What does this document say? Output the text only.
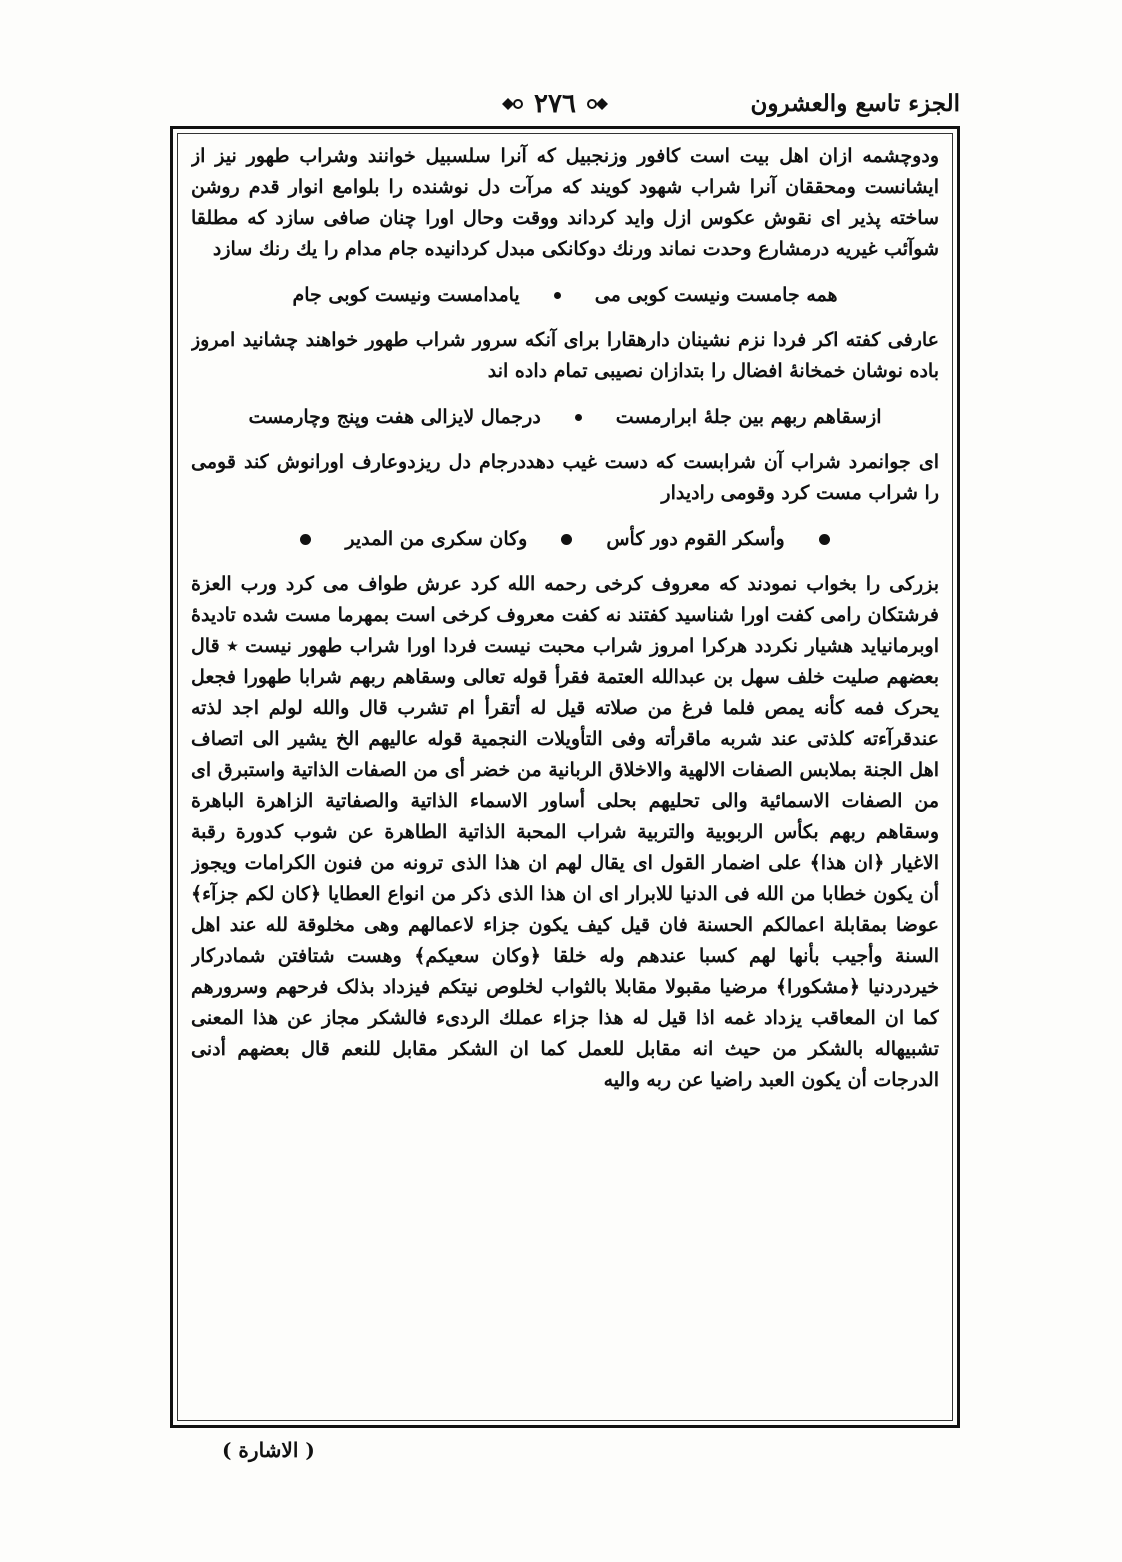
الجزء تاسع والعشرون
٢٧٦

ودوچشمه ازان اهل بیت است کافور وزنجبیل که آنرا سلسبیل خوانند وشراب طهور نیز از ایشانست ومحققان آنرا شراب شهود کویند که مرآت دل نوشنده را بلوامع انوار قدم روشن ساخته پذیر ای نقوش عکوس ازل واید کرداند ووقت وحال اورا چنان صافی سازد که مطلقا شوآئب غیریه درمشارع وحدت نماند ورنك دوکانکی مبدل کردانیده جام مدام را یك رنك سازد

همه جامست ونیست کوبی می
یامدامست ونیست کوبی جام

عارفی کفته اکر فردا نزم نشینان دارهقارا برای آنکه سرور شراب طهور خواهند چشانید امروز باده نوشان خمخانهٔ افضال را بتدازان نصیبی تمام داده اند

ازسقاهم ربهم بین جلهٔ ابرارمست
درجمال لایزالی هفت وپنج وچارمست

ای جوانمرد شراب آن شرابست که دست غیب دهددرجام دل ریزدوعارف اورانوش کند قومی را شراب مست کرد وقومی رادیدار

وأسکر القوم دور کأس
وکان سکری من المدیر

بزرکی را بخواب نمودند که معروف کرخی رحمه الله کرد عرش طواف می کرد ورب العزة فرشتکان رامی کفت اورا شناسید کفتند نه کفت معروف کرخی است بمهرما مست شده تادیدهٔ اوبرمانیاید هشیار نکردد هرکرا امروز شراب محبت نیست فردا اورا شراب طهور نیست ٭ قال بعضهم صلیت خلف سهل بن عبدالله العتمة فقرأ قوله تعالی وسقاهم ربهم شرابا طهورا فجعل یحرک فمه کأنه یمص فلما فرغ من صلاته قیل له أتقرأ ام تشرب قال والله لولم اجد لذته عندقرآءته کلذتی عند شربه ماقرأته وفی التأویلات النجمیة قوله عالیهم الخ یشیر الی اتصاف اهل الجنة بملابس الصفات الالهیة والاخلاق الربانیة من خضر أی من الصفات الذاتیة واستبرق ای من الصفات الاسمائیة والی تحلیهم بحلی أساور الاسماء الذاتیة والصفاتیة الزاهرة الباهرة وسقاهم ربهم بکأس الربوبیة والتربیة شراب المحبة الذاتیة الطاهرة عن شوب کدورة رقبة الاغیار ﴿ان هذا﴾ علی اضمار القول ای یقال لهم ان هذا الذی ترونه من فنون الکرامات ویجوز أن یکون خطابا من الله فی الدنیا للابرار ای ان هذا الذی ذکر من انواع العطایا ﴿کان لکم جزآء﴾ عوضا بمقابلة اعمالکم الحسنة فان قیل کیف یکون جزاء لاعمالهم وهی مخلوقة لله عند اهل السنة وأجیب بأنها لهم کسبا عندهم وله خلقا ﴿وکان سعیکم﴾ وهست شتافتن شمادرکار خیردردنیا ﴿مشکورا﴾ مرضیا مقبولا مقابلا بالثواب لخلوص نیتکم فیزداد بذلک فرحهم وسرورهم کما ان المعاقب یزداد غمه اذا قیل له هذا جزاء عملك الردیء فالشکر مجاز عن هذا المعنی تشبیهاله بالشکر من حیث انه مقابل للعمل کما ان الشکر مقابل للنعم قال بعضهم أدنی الدرجات أن یکون العبد راضیا عن ربه والیه

( الاشارة )
